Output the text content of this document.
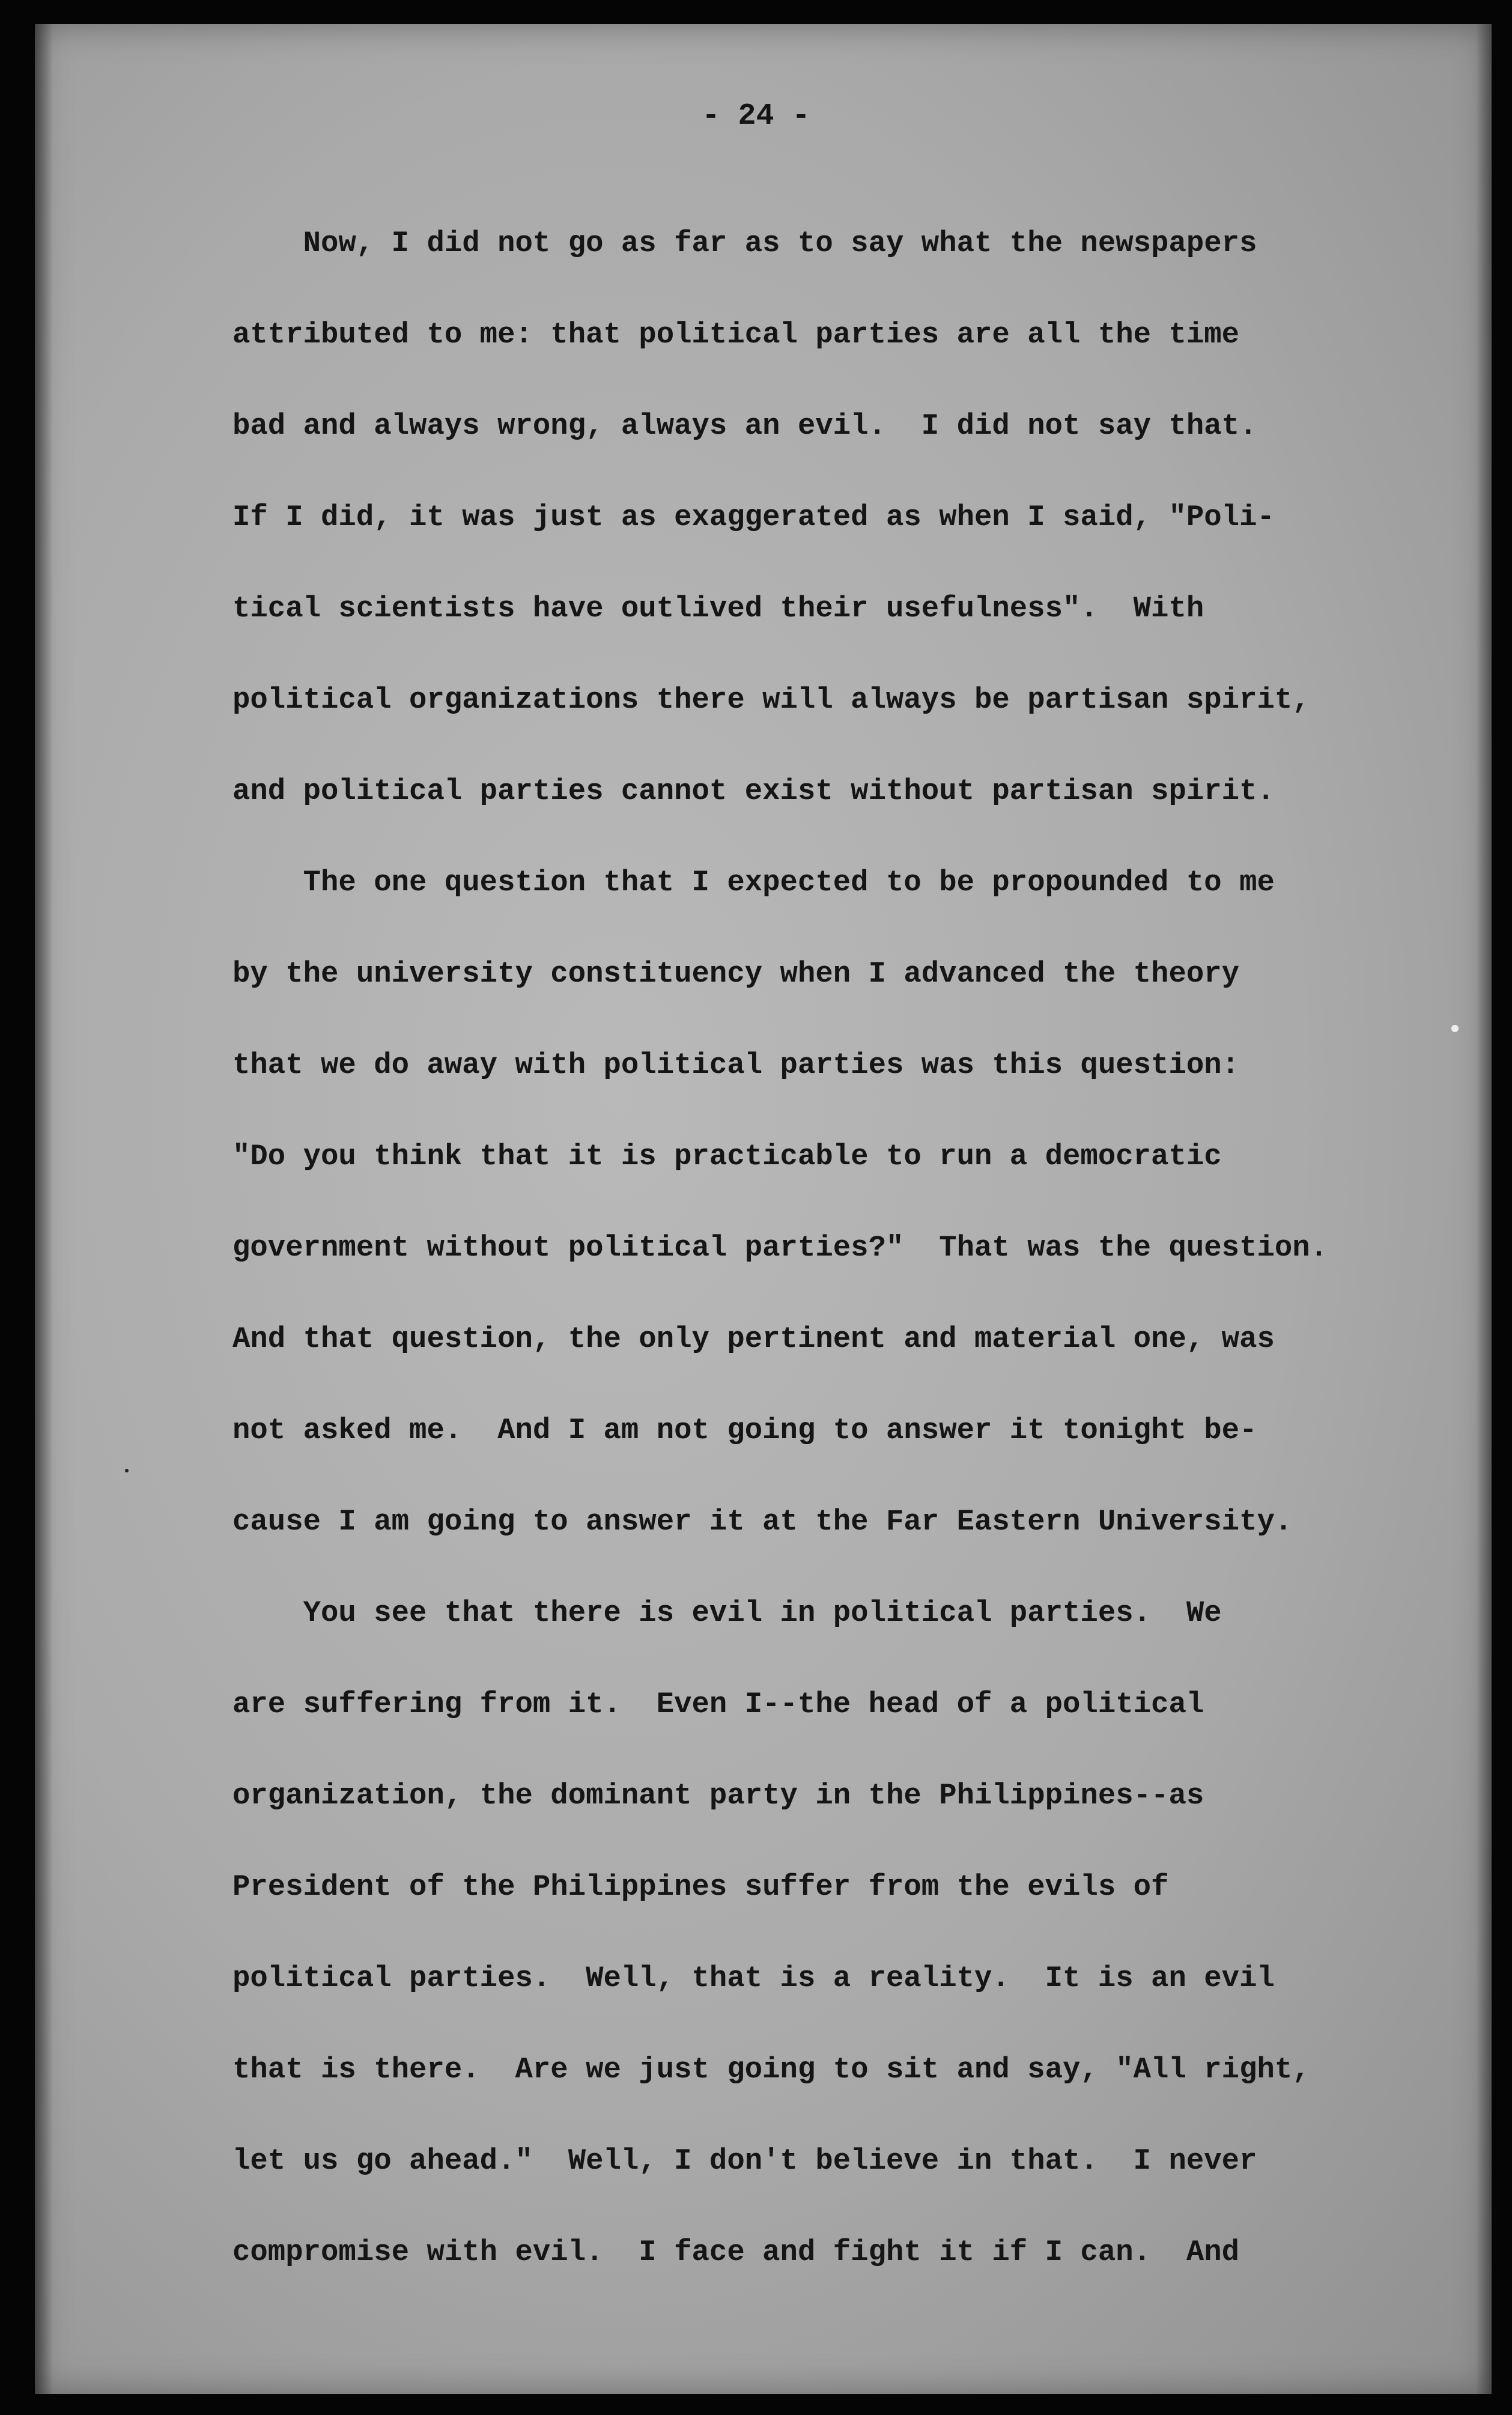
- 24 -
Now, I did not go as far as to say what the newspapers
attributed to me: that political parties are all the time
bad and always wrong, always an evil.  I did not say that.
If I did, it was just as exaggerated as when I said, "Poli-
tical scientists have outlived their usefulness".  With
political organizations there will always be partisan spirit,
and political parties cannot exist without partisan spirit.
The one question that I expected to be propounded to me
by the university constituency when I advanced the theory
that we do away with political parties was this question:
"Do you think that it is practicable to run a democratic
government without political parties?"  That was the question.
And that question, the only pertinent and material one, was
not asked me.  And I am not going to answer it tonight be-
cause I am going to answer it at the Far Eastern University.
You see that there is evil in political parties.  We
are suffering from it.  Even I--the head of a political
organization, the dominant party in the Philippines--as
President of the Philippines suffer from the evils of
political parties.  Well, that is a reality.  It is an evil
that is there.  Are we just going to sit and say, "All right,
let us go ahead."  Well, I don't believe in that.  I never
compromise with evil.  I face and fight it if I can.  And
